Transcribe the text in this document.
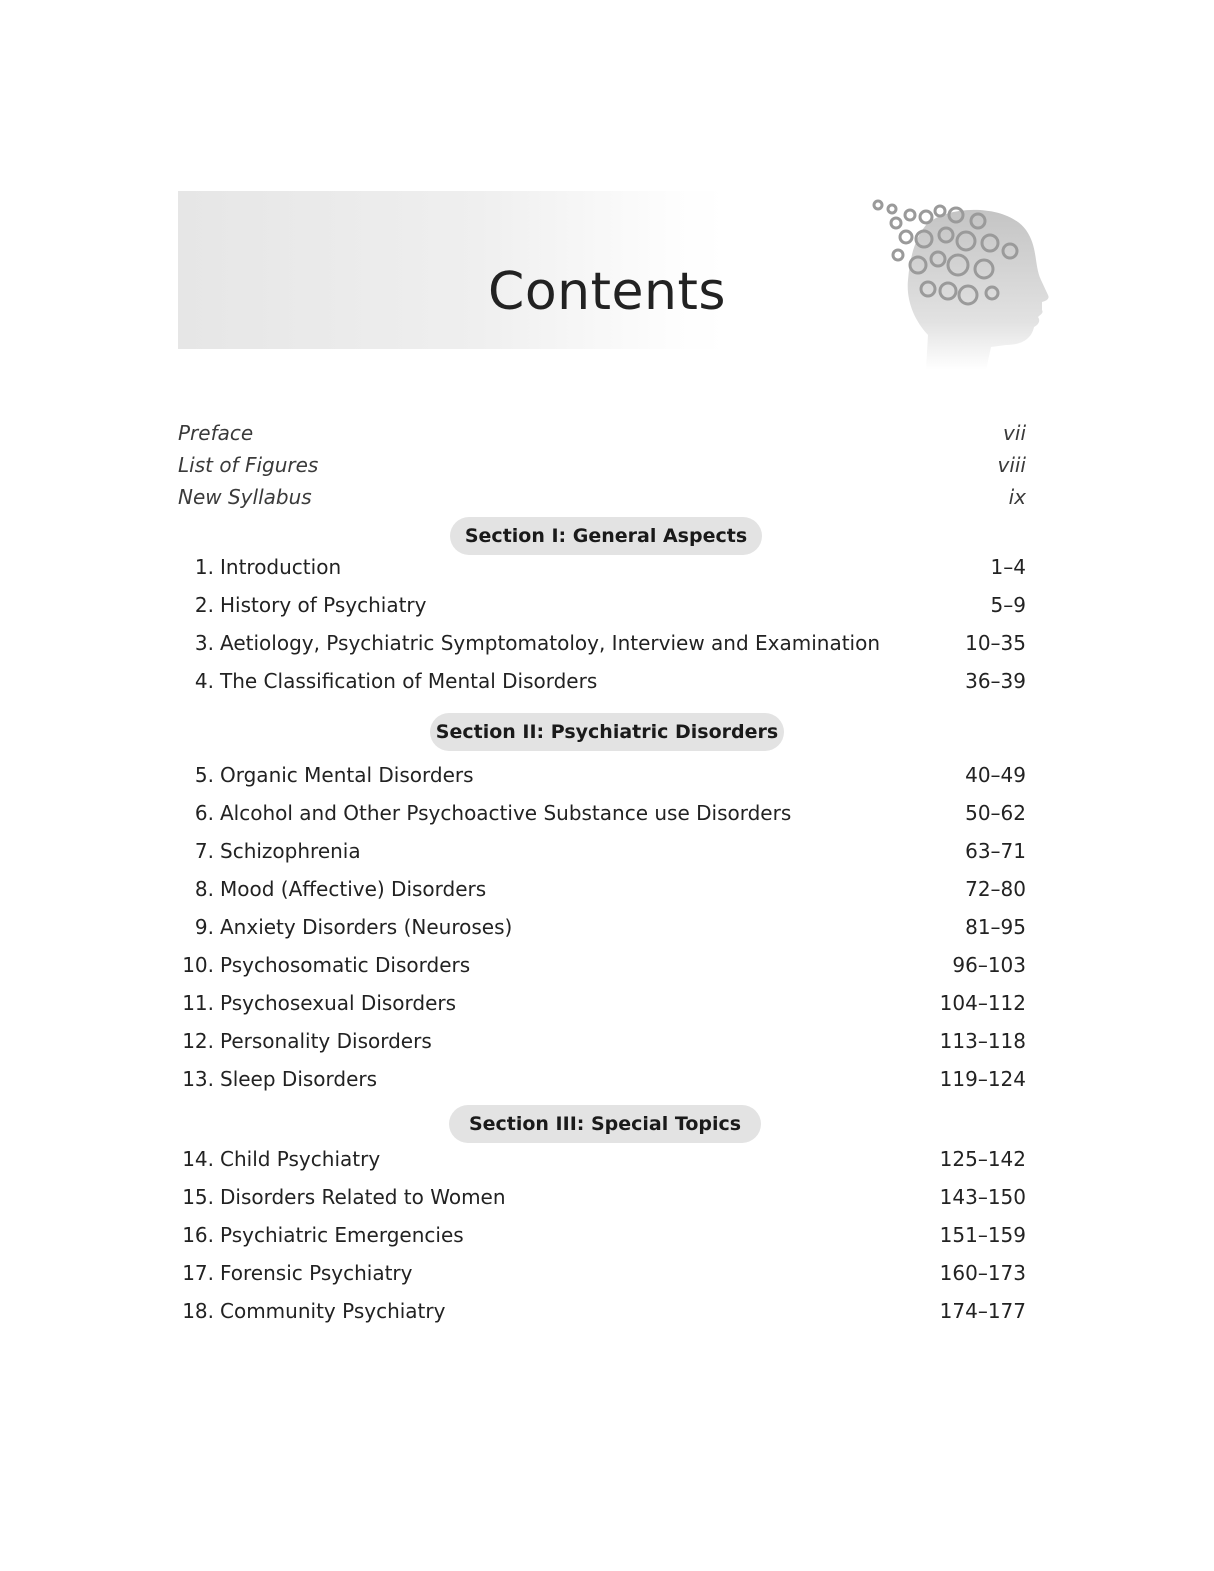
Contents
Preface	vii
List of Figures	viii
New Syllabus	ix
Section I: General Aspects
1. Introduction	1–4
2. History of Psychiatry	5–9
3. Aetiology, Psychiatric Symptomatoloy, Interview and Examination	10–35
4. The Classification of Mental Disorders	36–39
Section II: Psychiatric Disorders
5. Organic Mental Disorders	40–49
6. Alcohol and Other Psychoactive Substance use Disorders	50–62
7. Schizophrenia	63–71
8. Mood (Affective) Disorders	72–80
9. Anxiety Disorders (Neuroses)	81–95
10. Psychosomatic Disorders	96–103
11. Psychosexual Disorders	104–112
12. Personality Disorders	113–118
13. Sleep Disorders	119–124
Section III: Special Topics
14. Child Psychiatry	125–142
15. Disorders Related to Women	143–150
16. Psychiatric Emergencies	151–159
17. Forensic Psychiatry	160–173
18. Community Psychiatry	174–177
